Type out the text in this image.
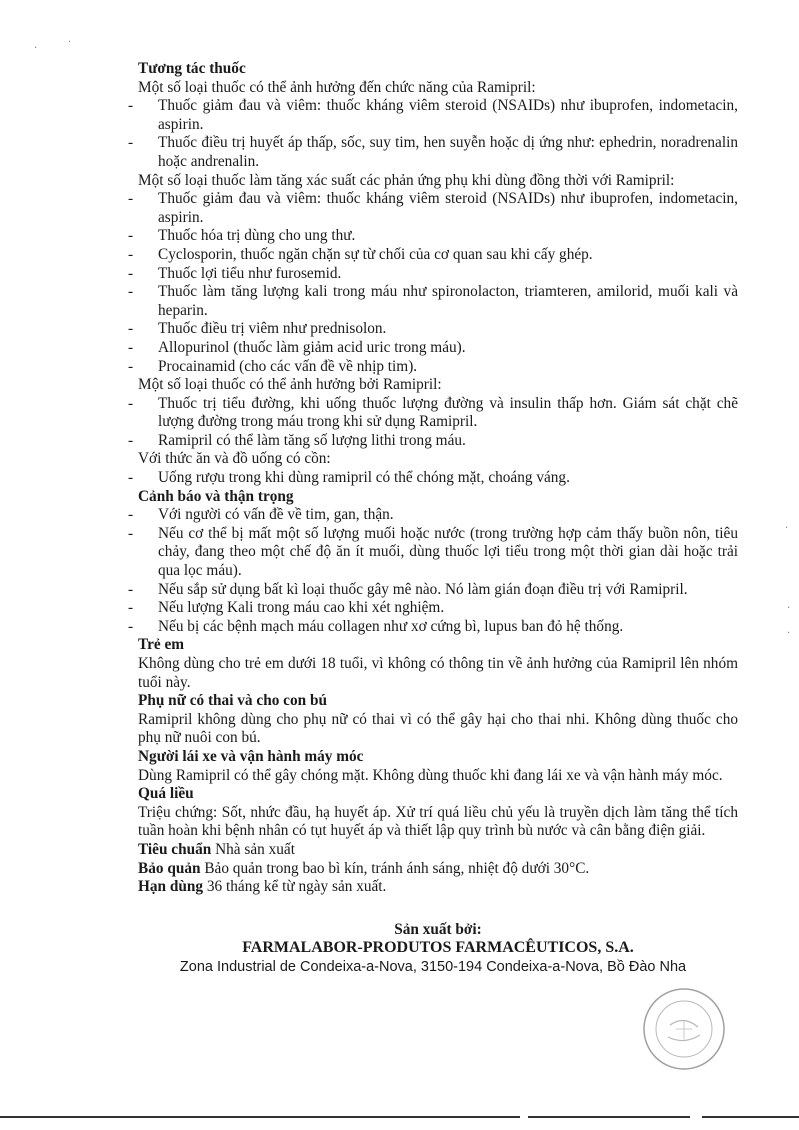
Tương tác thuốc
Một số loại thuốc có thể ảnh hưởng đến chức năng của Ramipril:
- Thuốc giảm đau và viêm: thuốc kháng viêm steroid (NSAIDs) như ibuprofen, indometacin, aspirin.
- Thuốc điều trị huyết áp thấp, sốc, suy tim, hen suyễn hoặc dị ứng như: ephedrin, noradrenalin hoặc andrenalin.
Một số loại thuốc làm tăng xác suất các phản ứng phụ khi dùng đồng thời với Ramipril:
- Thuốc giảm đau và viêm: thuốc kháng viêm steroid (NSAIDs) như ibuprofen, indometacin, aspirin.
- Thuốc hóa trị dùng cho ung thư.
- Cyclosporin, thuốc ngăn chặn sự từ chối của cơ quan sau khi cấy ghép.
- Thuốc lợi tiểu như furosemid.
- Thuốc làm tăng lượng kali trong máu như spironolacton, triamteren, amilorid, muối kali và heparin.
- Thuốc điều trị viêm như prednisolon.
- Allopurinol (thuốc làm giảm acid uric trong máu).
- Procainamid (cho các vấn đề về nhịp tim).
Một số loại thuốc có thể ảnh hưởng bởi Ramipril:
- Thuốc trị tiểu đường, khi uống thuốc lượng đường và insulin thấp hơn. Giám sát chặt chẽ lượng đường trong máu trong khi sử dụng Ramipril.
- Ramipril có thể làm tăng số lượng lithi trong máu.
Với thức ăn và đồ uống có cồn:
- Uống rượu trong khi dùng ramipril có thể chóng mặt, choáng váng.
Cảnh báo và thận trọng
- Với người có vấn đề về tim, gan, thận.
- Nếu cơ thể bị mất một số lượng muối hoặc nước (trong trường hợp cảm thấy buồn nôn, tiêu chảy, đang theo một chế độ ăn ít muối, dùng thuốc lợi tiểu trong một thời gian dài hoặc trải qua lọc máu).
- Nếu sắp sử dụng bất kì loại thuốc gây mê nào. Nó làm gián đoạn điều trị với Ramipril.
- Nếu lượng Kali trong máu cao khi xét nghiệm.
- Nếu bị các bệnh mạch máu collagen như xơ cứng bì, lupus ban đỏ hệ thống.
Trẻ em
Không dùng cho trẻ em dưới 18 tuổi, vì không có thông tin về ảnh hưởng của Ramipril lên nhóm tuổi này.
Phụ nữ có thai và cho con bú
Ramipril không dùng cho phụ nữ có thai vì có thể gây hại cho thai nhi. Không dùng thuốc cho phụ nữ nuôi con bú.
Người lái xe và vận hành máy móc
Dùng Ramipril có thể gây chóng mặt. Không dùng thuốc khi đang lái xe và vận hành máy móc.
Quá liều
Triệu chứng: Sốt, nhức đầu, hạ huyết áp. Xử trí quá liều chủ yếu là truyền dịch làm tăng thể tích tuần hoàn khi bệnh nhân có tụt huyết áp và thiết lập quy trình bù nước và cân bằng điện giải.
Tiêu chuẩn Nhà sản xuất
Bảo quản Bảo quản trong bao bì kín, tránh ánh sáng, nhiệt độ dưới 30°C.
Hạn dùng 36 tháng kể từ ngày sản xuất.
Sản xuất bởi:
FARMALABOR-PRODUTOS FARMACÊUTICOS, S.A.
Zona Industrial de Condeixa-a-Nova, 3150-194 Condeixa-a-Nova, Bồ Đào Nha
·
·
·
·
·
